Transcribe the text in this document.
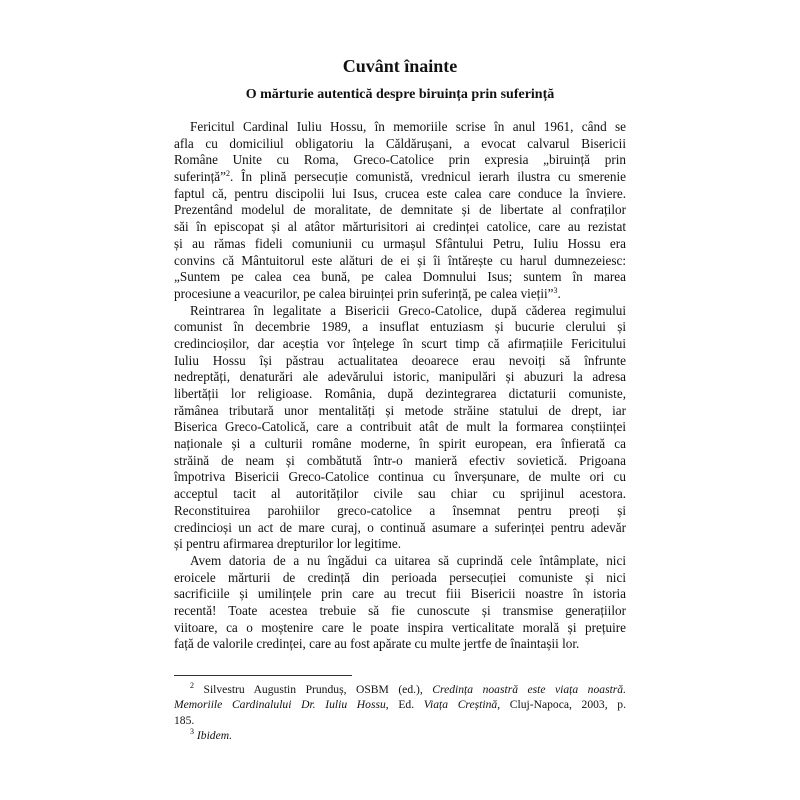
Cuvânt înainte
O mărturie autentică despre biruința prin suferință
Fericitul Cardinal Iuliu Hossu, în memoriile scrise în anul 1961, când se
afla cu domiciliul obligatoriu la Căldărușani, a evocat calvarul Bisericii
Române Unite cu Roma, Greco-Catolice prin expresia „biruință prin
suferință”$^2$. În plină persecuție comunistă, vrednicul ierarh ilustra cu smerenie
faptul că, pentru discipolii lui Isus, crucea este calea care conduce la înviere.
Prezentând modelul de moralitate, de demnitate și de libertate al confraților
săi în episcopat și al atâtor mărturisitori ai credinței catolice, care au rezistat
și au rămas fideli comuniunii cu urmașul Sfântului Petru, Iuliu Hossu era
convins că Mântuitorul este alături de ei și îi întărește cu harul dumnezeiesc:
„Suntem pe calea cea bună, pe calea Domnului Isus; suntem în marea
procesiune a veacurilor, pe calea biruinței prin suferință, pe calea vieții”$^3$.
Reintrarea în legalitate a Bisericii Greco-Catolice, după căderea regimului
comunist în decembrie 1989, a insuflat entuziasm și bucurie clerului și
credincioșilor, dar aceștia vor înțelege în scurt timp că afirmațiile Fericitului
Iuliu Hossu își păstrau actualitatea deoarece erau nevoiți să înfrunte
nedreptăți, denaturări ale adevărului istoric, manipulări și abuzuri la adresa
libertății lor religioase. România, după dezintegrarea dictaturii comuniste,
rămânea tributară unor mentalități și metode străine statului de drept, iar
Biserica Greco-Catolică, care a contribuit atât de mult la formarea conștiinței
naționale și a culturii române moderne, în spirit european, era înfierată ca
străină de neam și combătută într-o manieră efectiv sovietică. Prigoana
împotriva Bisericii Greco-Catolice continua cu înverșunare, de multe ori cu
acceptul tacit al autorităților civile sau chiar cu sprijinul acestora.
Reconstituirea parohiilor greco-catolice a însemnat pentru preoți și
credincioși un act de mare curaj, o continuă asumare a suferinței pentru adevăr
și pentru afirmarea drepturilor lor legitime.
Avem datoria de a nu îngădui ca uitarea să cuprindă cele întâmplate, nici
eroicele mărturii de credință din perioada persecuției comuniste și nici
sacrificiile și umilințele prin care au trecut fiii Bisericii noastre în istoria
recentă! Toate acestea trebuie să fie cunoscute și transmise generațiilor
viitoare, ca o moștenire care le poate inspira verticalitate morală și prețuire
față de valorile credinței, care au fost apărate cu multe jertfe de înaintașii lor.
$^2$ Silvestru Augustin Prunduș, OSBM (ed.), Credința noastră este viața noastră.
Memoriile Cardinalului Dr. Iuliu Hossu, Ed. Viața Creștină, Cluj-Napoca, 2003, p.
185.
$^3$ Ibidem.
